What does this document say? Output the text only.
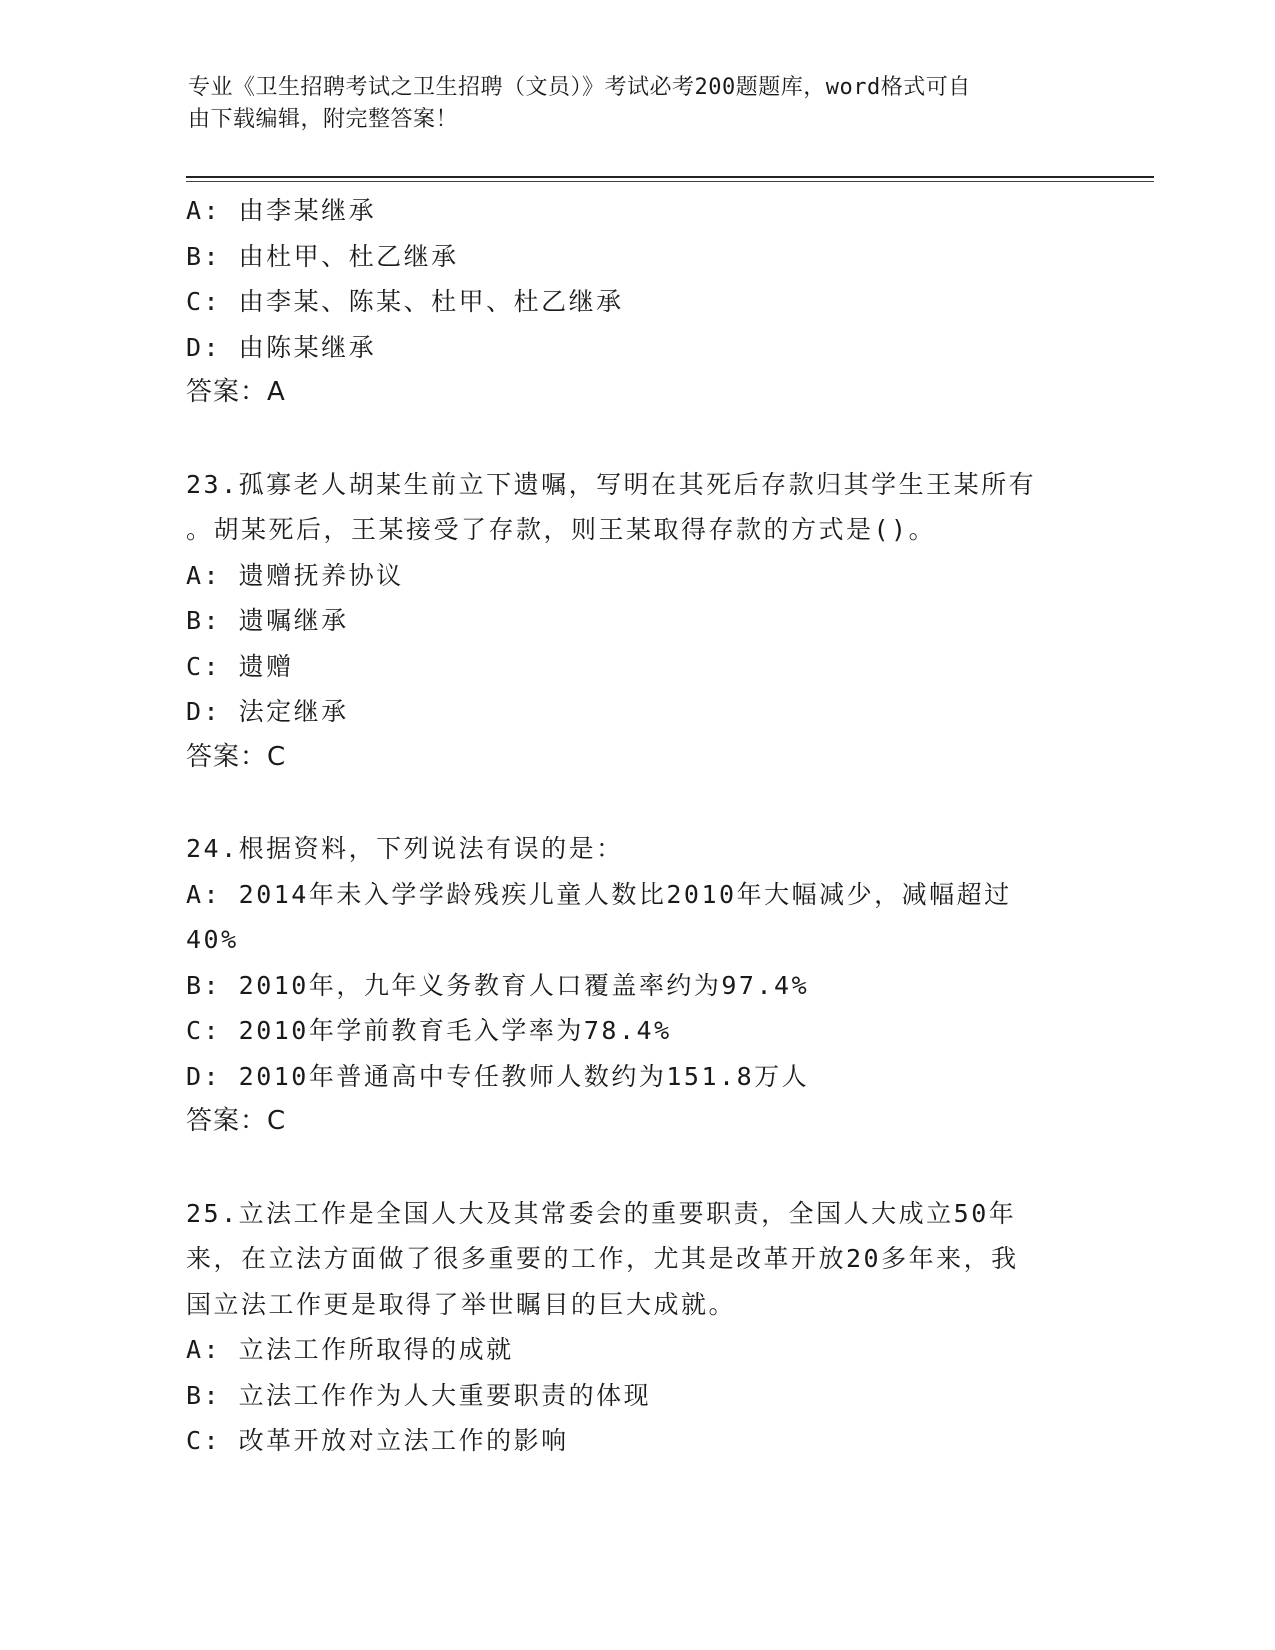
专业《卫生招聘考试之卫生招聘（文员）》考试必考200题题库，word格式可自
由下载编辑，附完整答案！
A: 由李某继承
B: 由杜甲、杜乙继承
C: 由李某、陈某、杜甲、杜乙继承
D: 由陈某继承
答案：A
23.孤寡老人胡某生前立下遗嘱，写明在其死后存款归其学生王某所有
。胡某死后，王某接受了存款，则王某取得存款的方式是()。
A: 遗赠抚养协议
B: 遗嘱继承
C: 遗赠
D: 法定继承
答案：C
24.根据资料，下列说法有误的是：
A: 2014年未入学学龄残疾儿童人数比2010年大幅减少，减幅超过
40%
B: 2010年，九年义务教育人口覆盖率约为97.4%
C: 2010年学前教育毛入学率为78.4%
D: 2010年普通高中专任教师人数约为151.8万人
答案：C
25.立法工作是全国人大及其常委会的重要职责，全国人大成立50年
来，在立法方面做了很多重要的工作，尤其是改革开放20多年来，我
国立法工作更是取得了举世瞩目的巨大成就。
A: 立法工作所取得的成就
B: 立法工作作为人大重要职责的体现
C: 改革开放对立法工作的影响
